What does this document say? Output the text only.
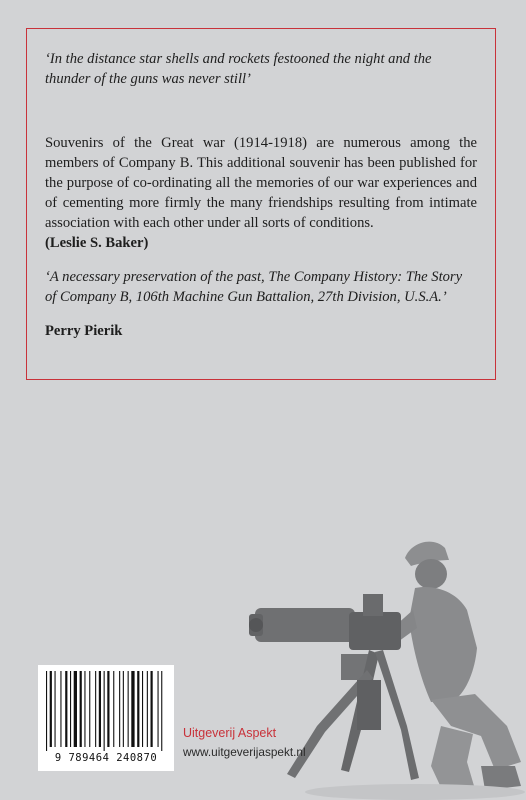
‘In the distance star shells and rockets festooned the night and the thunder of the guns was never still’

Souvenirs of the Great war (1914-1918) are numerous among the members of Company B. This additional souvenir has been published for the purpose of co-ordinating all the memories of our war experiences and of cementing more firmly the many friendships resulting from intimate association with each other under all sorts of conditions.

(Leslie S. Baker)

‘A necessary preservation of the past, The Company History: The Story of Company B, 106th Machine Gun Battalion, 27th Division, U.S.A.’

Perry Pierik

9 789464 240870
Uitgeverij Aspekt
www.uitgeverijaspekt.nl
